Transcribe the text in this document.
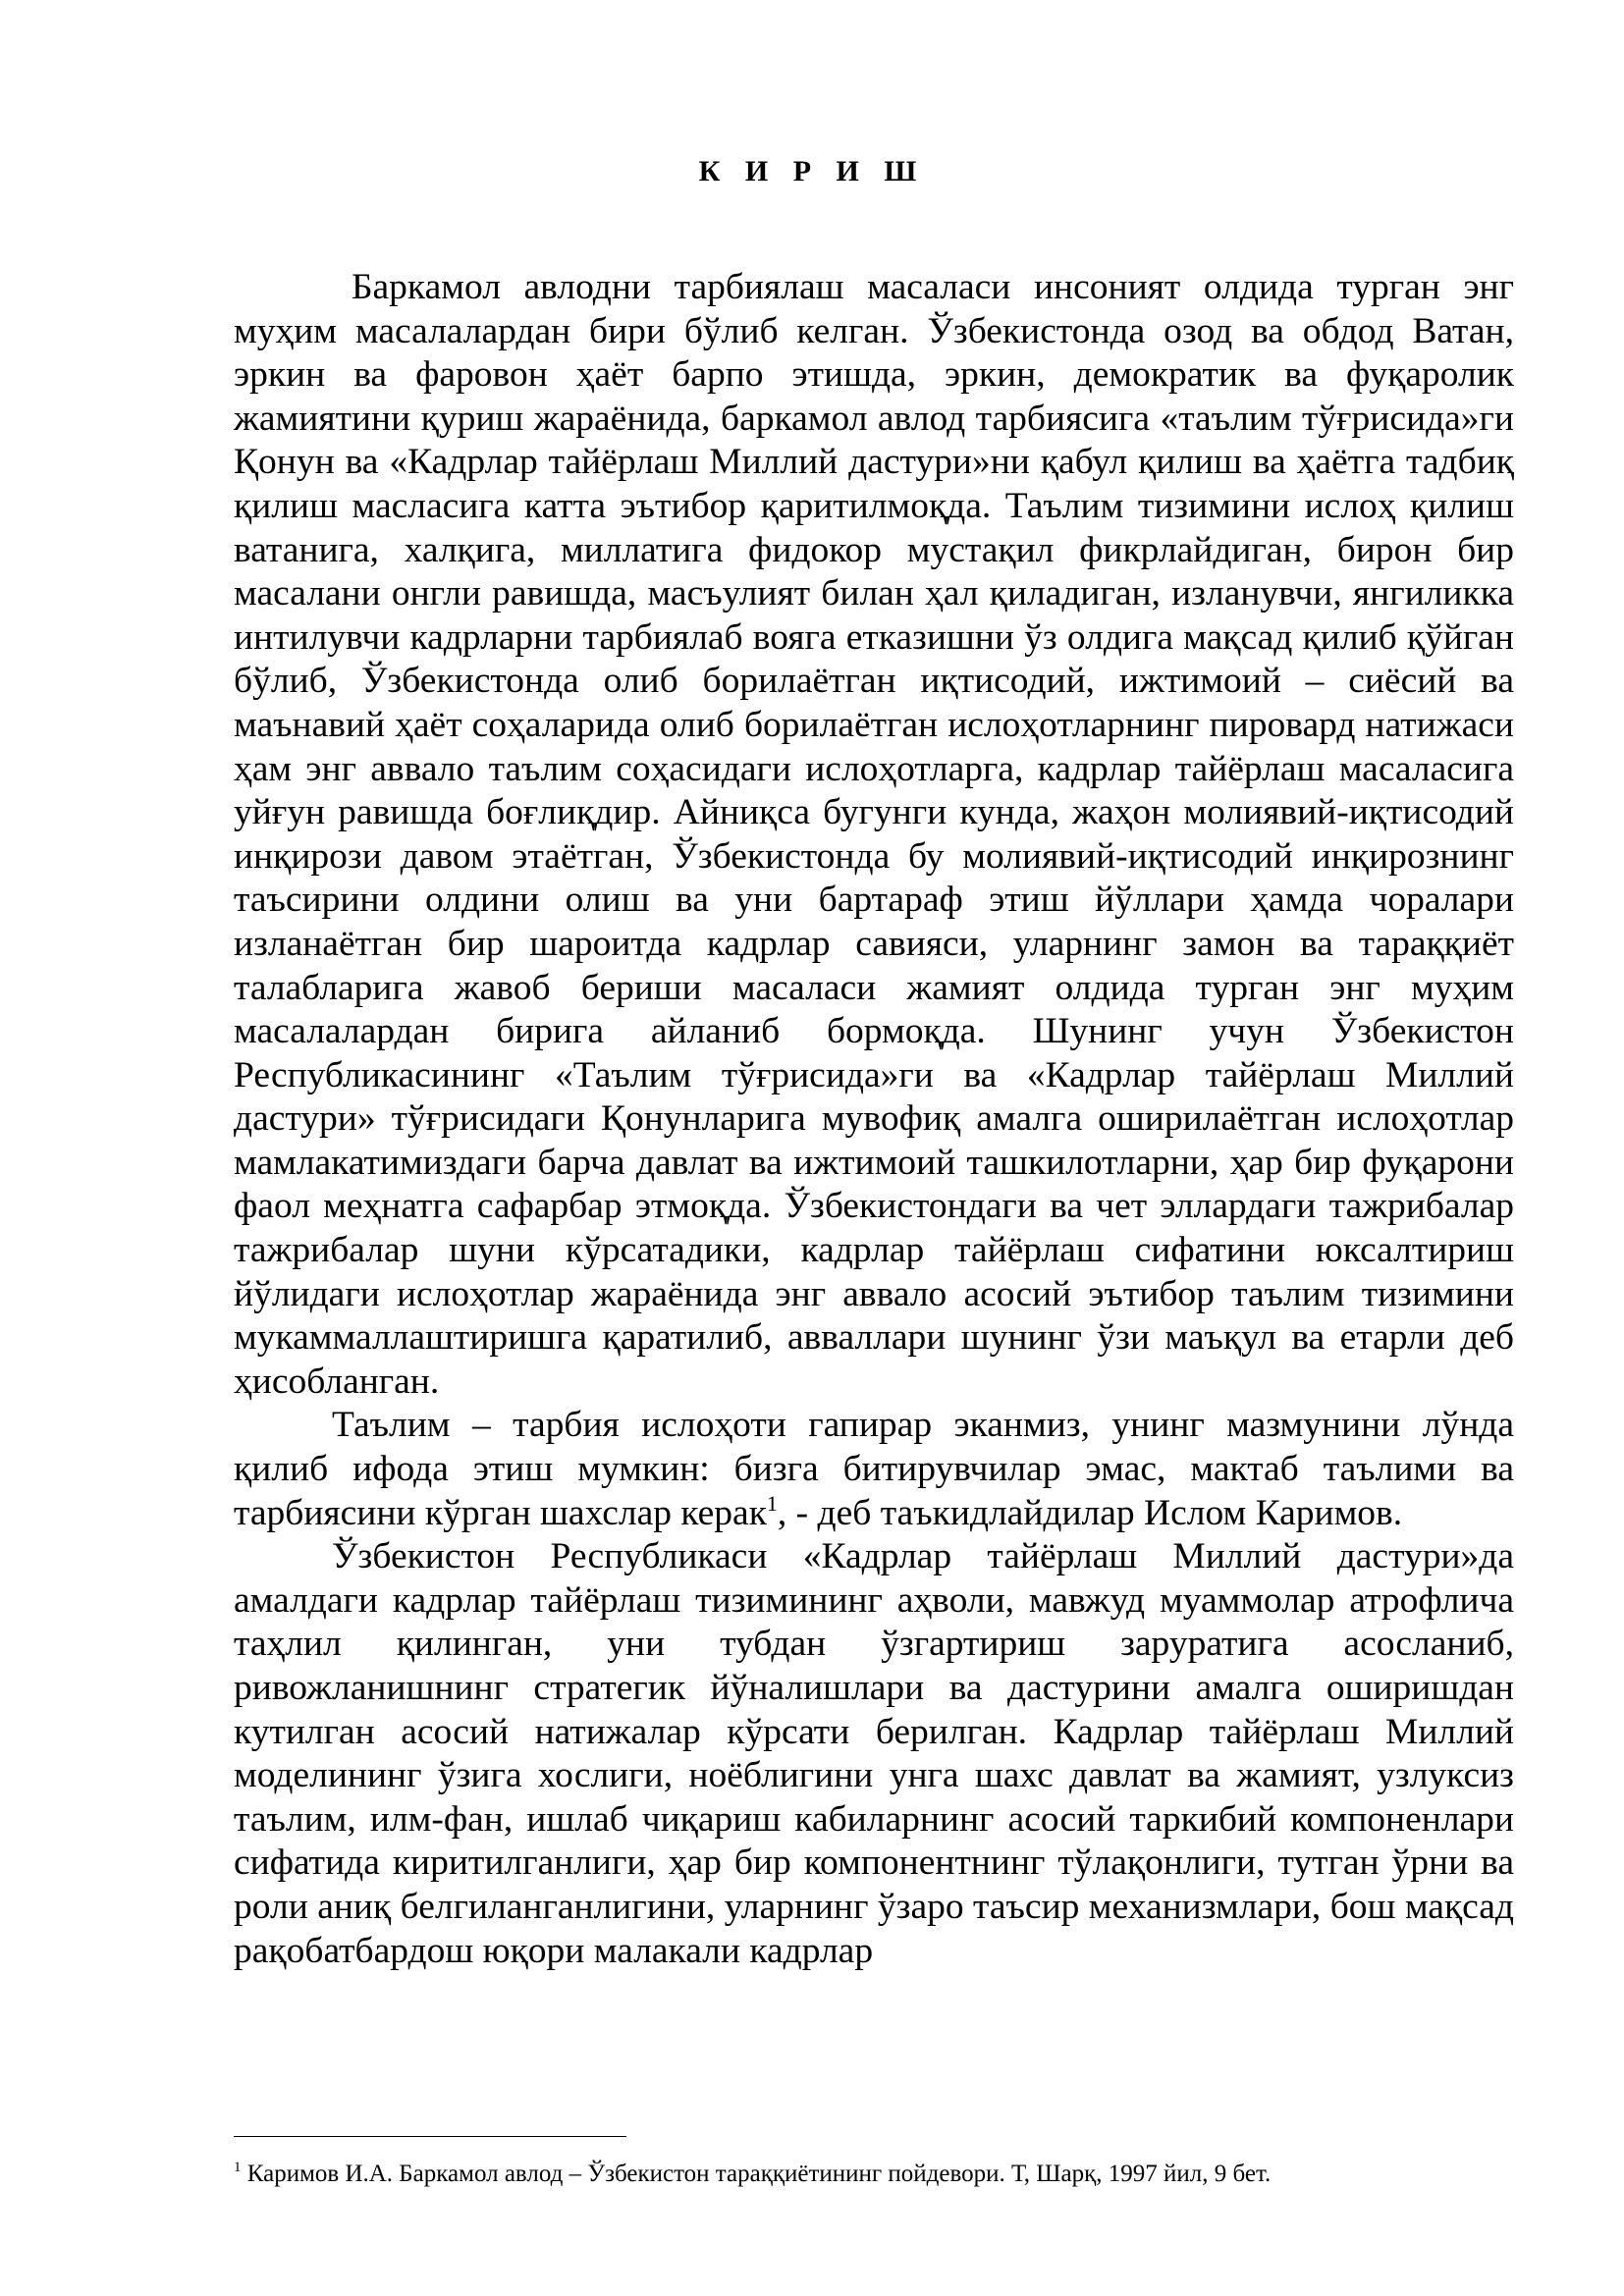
К И Р И Ш

Баркамол авлодни тарбиялаш масаласи инсоният олдида турган энг муҳим масалалардан бири бўлиб келган. Ўзбекистонда озод ва обдод Ватан, эркин ва фаровон ҳаёт барпо этишда, эркин, демократик ва фуқаролик жамиятини қуриш жараёнида, баркамол авлод тарбиясига «таълим тўғрисида»ги Қонун ва «Кадрлар тайёрлаш Миллий дастури»ни қабул қилиш ва ҳаётга тадбиқ қилиш масласига катта эътибор қаритилмоқда. Таълим тизимини ислоҳ қилиш ватанига, халқига, миллатига фидокор мустақил фикрлайдиган, бирон бир масалани онгли равишда, масъулият билан ҳал қиладиган, изланувчи, янгиликка интилувчи кадрларни тарбиялаб вояга етказишни ўз олдига мақсад қилиб қўйган бўлиб, Ўзбекистонда олиб борилаётган иқтисодий, ижтимоий – сиёсий ва маънавий ҳаёт соҳаларида олиб борилаётган ислоҳотларнинг пировард натижаси ҳам энг аввало таълим соҳасидаги ислоҳотларга, кадрлар тайёрлаш масаласига уйғун равишда боғлиқдир. Айниқса бугунги кунда, жаҳон молиявий-иқтисодий инқирози давом этаётган, Ўзбекистонда бу молиявий-иқтисодий инқирознинг таъсирини олдини олиш ва уни бартараф этиш йўллари ҳамда чоралари изланаётган бир шароитда кадрлар савияси, уларнинг замон ва тараққиёт талабларига жавоб бериши масаласи жамият олдида турган энг муҳим масалалардан бирига айланиб бормоқда. Шунинг учун Ўзбекистон Республикасининг «Таълим тўғрисида»ги ва «Кадрлар тайёрлаш Миллий дастури» тўғрисидаги Қонунларига мувофиқ амалга оширилаётган ислоҳотлар мамлакатимиздаги барча давлат ва ижтимоий ташкилотларни, ҳар бир фуқарони фаол меҳнатга сафарбар этмоқда. Ўзбекистондаги ва чет эллардаги тажрибалар тажрибалар шуни кўрсатадики, кадрлар тайёрлаш сифатини юксалтириш йўлидаги ислоҳотлар жараёнида энг аввало асосий эътибор таълим тизимини мукаммаллаштиришга қаратилиб, авваллари шунинг ўзи маъқул ва етарли деб ҳисобланган.

Таълим – тарбия ислоҳоти гапирар эканмиз, унинг мазмунини лўнда қилиб ифода этиш мумкин: бизга битирувчилар эмас, мактаб таълими ва тарбиясини кўрган шахслар керак$^1$, - деб таъкидлайдилар Ислом Каримов.

Ўзбекистон Республикаси «Кадрлар тайёрлаш Миллий дастури»да амалдаги кадрлар тайёрлаш тизимининг аҳволи, мавжуд муаммолар атрофлича таҳлил қилинган, уни тубдан ўзгартириш заруратига асосланиб, ривожланишнинг стратегик йўналишлари ва дастурини амалга оширишдан кутилган асосий натижалар кўрсати берилган. Кадрлар тайёрлаш Миллий моделининг ўзига хослиги, ноёблигини унга шахс давлат ва жамият, узлуксиз таълим, илм-фан, ишлаб чиқариш кабиларнинг асосий таркибий компоненлари сифатида киритилганлиги, ҳар бир компонентнинг тўлақонлиги, тутган ўрни ва роли аниқ белгиланганлигини, уларнинг ўзаро таъсир механизмлари, бош мақсад рақобатбардош юқори малакали кадрлар

$^1$ Каримов И.А. Баркамол авлод – Ўзбекистон тараққиётининг пойдевори. Т, Шарқ, 1997 йил, 9 бет.
